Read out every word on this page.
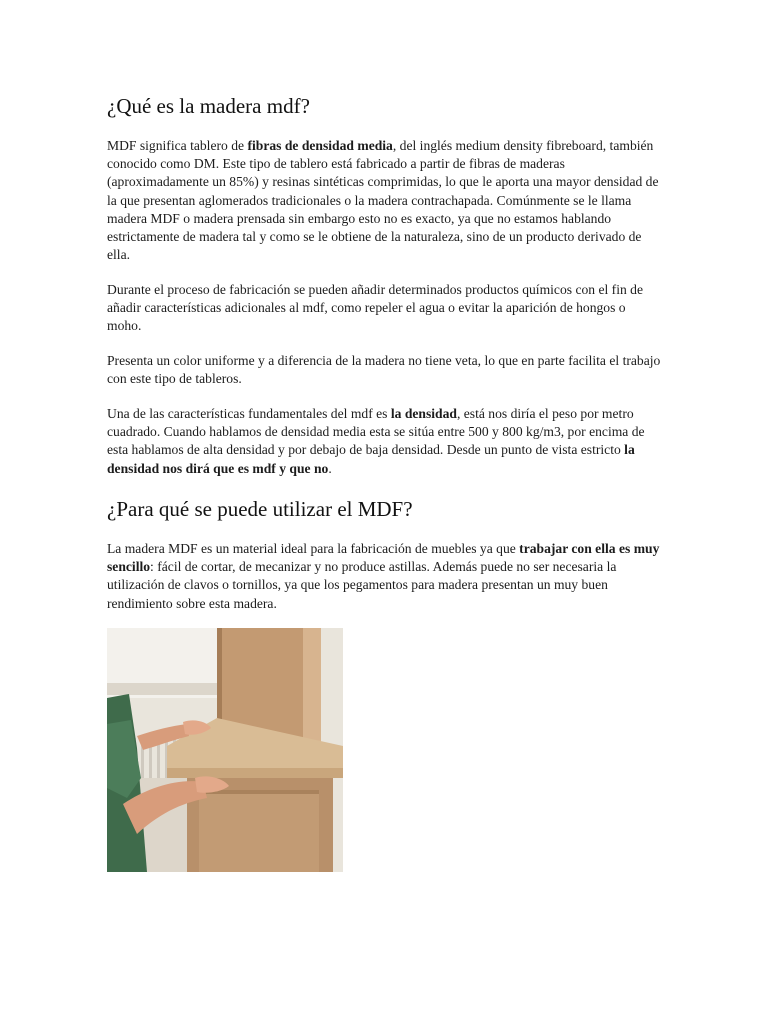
¿Qué es la madera mdf?

MDF significa tablero de fibras de densidad media, del inglés medium density fibreboard, también conocido como DM. Este tipo de tablero está fabricado a partir de fibras de maderas (aproximadamente un 85%) y resinas sintéticas comprimidas, lo que le aporta una mayor densidad de la que presentan aglomerados tradicionales o la madera contrachapada. Comúnmente se le llama madera MDF o madera prensada sin embargo esto no es exacto, ya que no estamos hablando estrictamente de madera tal y como se le obtiene de la naturaleza, sino de un producto derivado de ella.

Durante el proceso de fabricación se pueden añadir determinados productos químicos con el fin de añadir características adicionales al mdf, como repeler el agua o evitar la aparición de hongos o moho.

Presenta un color uniforme y a diferencia de la madera no tiene veta, lo que en parte facilita el trabajo con este tipo de tableros.

Una de las características fundamentales del mdf es la densidad, está nos diría el peso por metro cuadrado. Cuando hablamos de densidad media esta se sitúa entre 500 y 800 kg/m3, por encima de esta hablamos de alta densidad y por debajo de baja densidad. Desde un punto de vista estricto la densidad nos dirá que es mdf y que no.

¿Para qué se puede utilizar el MDF?

La madera MDF es un material ideal para la fabricación de muebles ya que trabajar con ella es muy sencillo: fácil de cortar, de mecanizar y no produce astillas. Además puede no ser necesaria la utilización de clavos o tornillos, ya que los pegamentos para madera presentan un muy buen rendimiento sobre esta madera.
